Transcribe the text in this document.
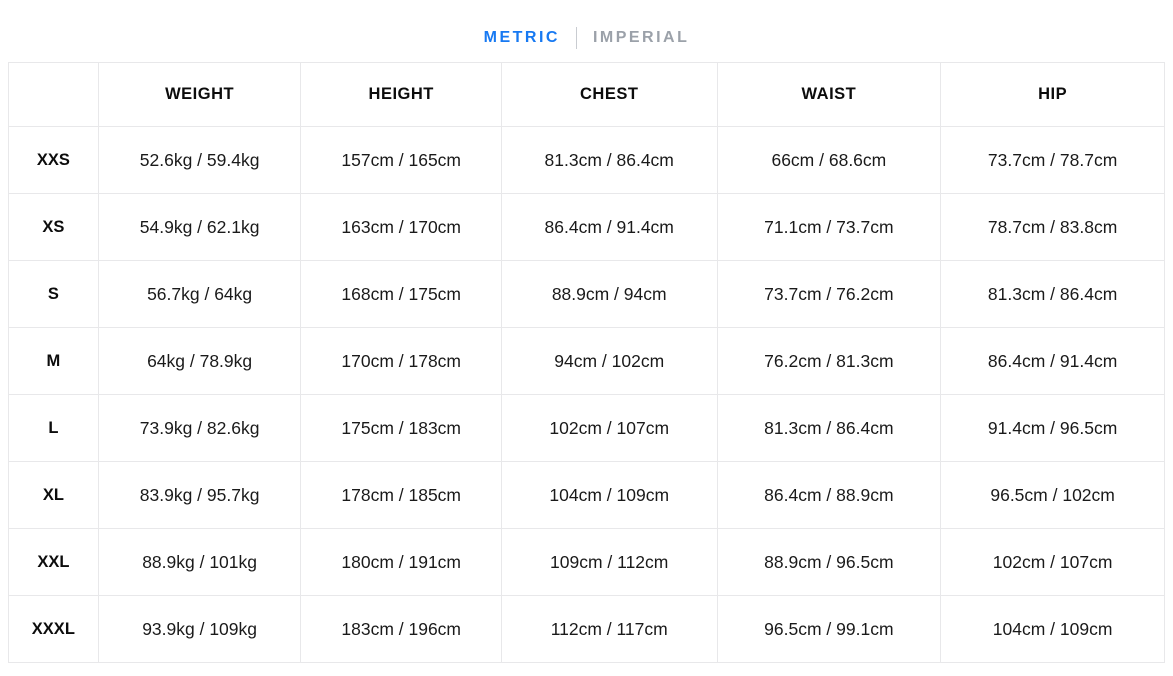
METRIC IMPERIAL
	WEIGHT	HEIGHT	CHEST	WAIST	HIP
XXS	52.6kg / 59.4kg	157cm / 165cm	81.3cm / 86.4cm	66cm / 68.6cm	73.7cm / 78.7cm
XS	54.9kg / 62.1kg	163cm / 170cm	86.4cm / 91.4cm	71.1cm / 73.7cm	78.7cm / 83.8cm
S	56.7kg / 64kg	168cm / 175cm	88.9cm / 94cm	73.7cm / 76.2cm	81.3cm / 86.4cm
M	64kg / 78.9kg	170cm / 178cm	94cm / 102cm	76.2cm / 81.3cm	86.4cm / 91.4cm
L	73.9kg / 82.6kg	175cm / 183cm	102cm / 107cm	81.3cm / 86.4cm	91.4cm / 96.5cm
XL	83.9kg / 95.7kg	178cm / 185cm	104cm / 109cm	86.4cm / 88.9cm	96.5cm / 102cm
XXL	88.9kg / 101kg	180cm / 191cm	109cm / 112cm	88.9cm / 96.5cm	102cm / 107cm
XXXL	93.9kg / 109kg	183cm / 196cm	112cm / 117cm	96.5cm / 99.1cm	104cm / 109cm
